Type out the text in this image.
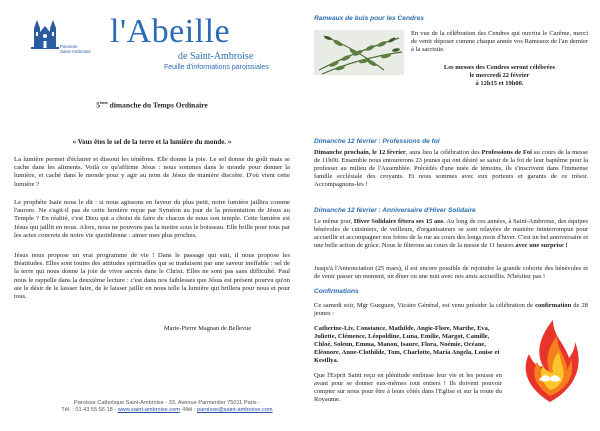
Paroisse
Saint-Ambroise
l'Abeille
de Saint-Ambroise
Feuille d'informations paroissiales
5ème dimanche du Temps Ordinaire
« Vous êtes le sel de la terre et la lumière du monde. »

La lumière permet d'éclairer et dissout les ténèbres. Elle donne la joie. Le sel donne du goût mais se cache dans les aliments. Voilà ce qu'affirme Jésus : nous sommes dans le monde pour donner la lumière, et caché dans le monde pour y agir au nom de Jésus de manière discrète. D'où vient cette lumière ?

Le prophète Isaïe nous le dit : si nous agissons en faveur du plus petit, notre lumière jaillira comme l'aurore. Ne s'agit-il pas de cette lumière reçue par Syméon au jour de la présentation de Jésus au Temple ? En réalité, c'est Dieu qui a choisi de faire de chacun de nous son temple. Cette lumière est Jésus qui jaillit en nous. Alors, nous ne pouvons pas la mettre sous le boisseau. Elle brille pour tous par les actes concrets de notre vie quotidienne : aimer mes plus proches.

Jésus nous propose un vrai programme de vie ! Dans le passage qui suit, il nous propose les Béatitudes. Elles sont toutes des attitudes spirituelles qui se traduisent par une saveur ineffable : sel de la terre qui nous donne la joie de vivre ancrés dans le Christ. Elles ne sont pas sans difficulté. Paul nous le rappelle dans la deuxième lecture : c'est dans nos faiblesses que Jésus est présent pourvu qu'on aie le désir de le laisser faire, de le laisser jaillir en nous telle la lumière qui brillera pour nous et pour tous.

Marie-Pierre Magnan de Bellevue
Paroisse Catholique Saint-Ambroise - 33, Avenue Parmentier 75011 Paris -
Tél. : 01 43 55 56 18 - www.saint-ambroise.com -Mél : paroisse@saint-ambroise.com
Rameaux de buis pour les Cendres

En vue de la célébration des Cendres qui ouvrira le Carême, merci de venir déposer comme chaque année vos Rameaux de l'an dernier à la sacristie.

Les messes des Cendres seront célébrées
le mercredi 22 février
à 12h15 et 19h00.
Dimanche 12 février : Professions de foi

Dimanche prochain, le 12 février, aura lieu la célébration des Professions de Foi au cours de la messe de 11h00. Ensemble nous entourerons 23 jeunes qui ont désiré se saisir de la foi de leur baptême pour la professer au milieu de l'Assemblée. Précédés d'une nuée de témoins, ils s'inscrivent dans l'immense famille ecclésiale des croyants. Et nous sommes avec eux porteurs et garants de ce trésor. Accompagnons-les !

Dimanche 12 février : Anniversaire d'Hiver Solidaire

Le même jour, Hiver Solidaire fêtera ses 15 ans. Au long de ces années, à Saint-Ambroise, des équipes bénévoles de cuisiniers, de veilleurs, d'organisateurs se sont relayées de manière ininterrompue pour accueillir et accompagner nos frères de la rue au cours des longs mois d'hiver. C'est un bel anniversaire et une belle action de grâce. Nous le fêterons au cours de la messe de 11 heures avec une surprise !

Jusqu'à l'Annonciation (25 mars), il est encore possible de rejoindre la grande cohorte des bénévoles et de venir passer un moment, un dîner ou une nuit avec nos amis accueillis. N'hésitez pas !

Confirmations

Ce samedi soir, Mgr Gueguen, Vicaire Général, est venu présider la célébration de confirmation de 28 jeunes :

Catherine-Liv, Constance, Mathilde, Angie-Flore, Marthe, Eva, Juliette, Clémence, Léopoldine, Luna, Emilie, Margot, Camille, Chloé, Solenn, Emma, Manon, Isaure, Flora, Noémie, Océane, Eléonore, Anne-Clothilde, Tom, Charlotte, Maria Angela, Louise et Kestllya.

Que l'Esprit Saint reçu en plénitude embrase leur vie et les pousse en avant pour se donner eux-mêmes tout entiers ! Ils doivent pouvoir compter sur nous pour être à leurs côtés dans l'Eglise et sur la route du Royaume.
